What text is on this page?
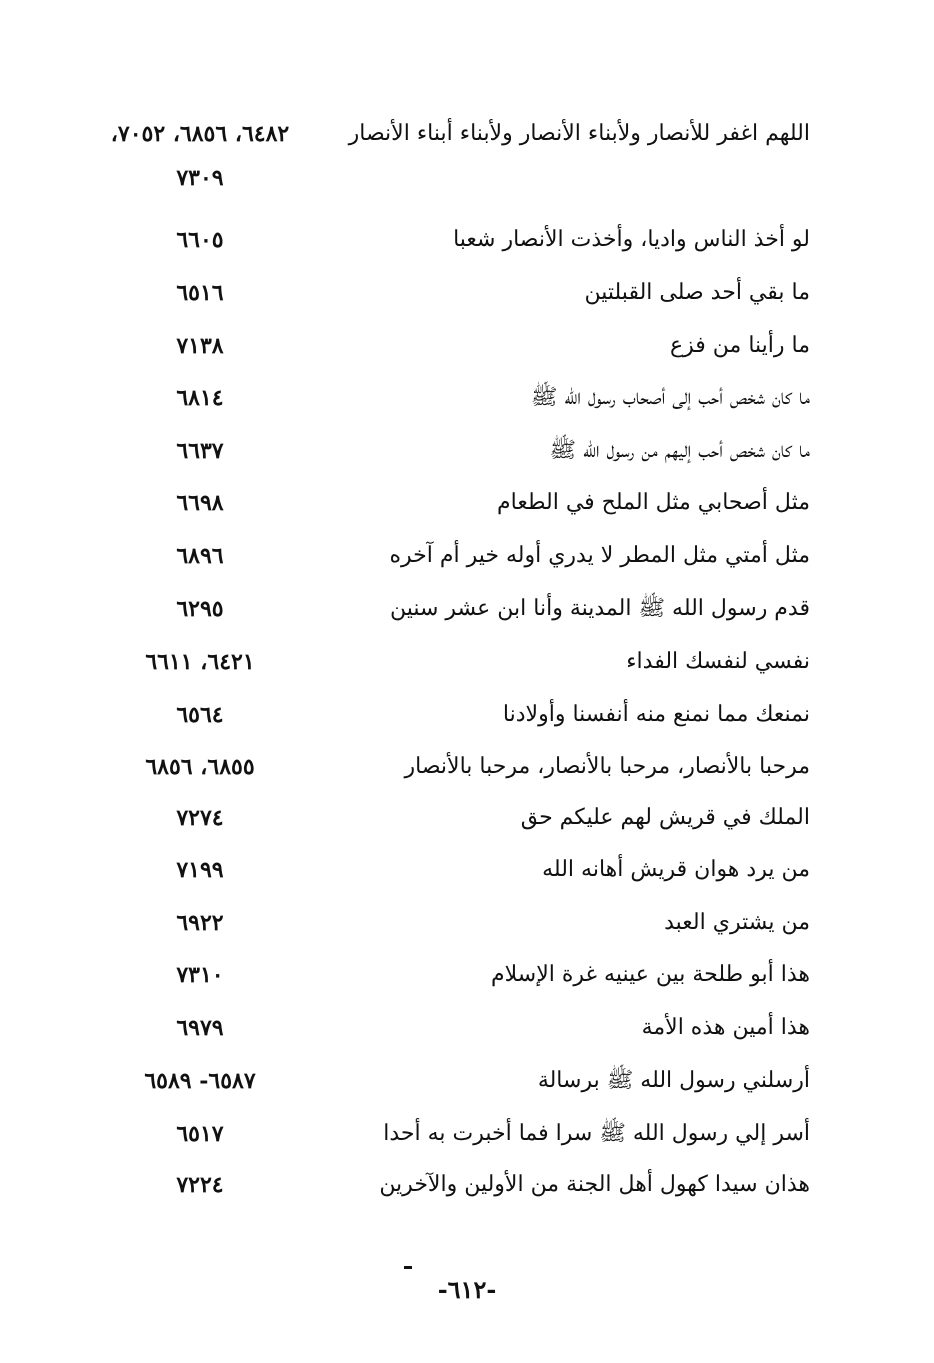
اللهم اغفر للأنصار ولأبناء الأنصار ولأبناء أبناء الأنصار
٦٤٨٢، ٦٨٥٦، ٧٠٥٢، ٧٣٠٩
لو أخذ الناس واديا، وأخذت الأنصار شعبا
٦٦٠٥
ما بقي أحد صلى القبلتين
٦٥١٦
ما رأينا من فزع
٧١٣٨
ما كان شخص أحب إلى أصحاب رسول الله ﷺ
٦٨١٤
ما كان شخص أحب إليهم من رسول الله ﷺ
٦٦٣٧
مثل أصحابي مثل الملح في الطعام
٦٦٩٨
مثل أمتي مثل المطر لا يدري أوله خير أم آخره
٦٨٩٦
قدم رسول الله ﷺ المدينة وأنا ابن عشر سنين
٦٢٩٥
نفسي لنفسك الفداء
٦٤٢١، ٦٦١١
نمنعك مما نمنع منه أنفسنا وأولادنا
٦٥٦٤
مرحبا بالأنصار، مرحبا بالأنصار، مرحبا بالأنصار
٦٨٥٥، ٦٨٥٦
الملك في قريش لهم عليكم حق
٧٢٧٤
من يرد هوان قريش أهانه الله
٧١٩٩
من يشتري العبد
٦٩٢٢
هذا أبو طلحة بين عينيه غرة الإسلام
٧٣١٠
هذا أمين هذه الأمة
٦٩٧٩
أرسلني رسول الله ﷺ برسالة
٦٥٨٧- ٦٥٨٩
أسر إلي رسول الله ﷺ سرا فما أخبرت به أحدا
٦٥١٧
هذان سيدا كهول أهل الجنة من الأولين والآخرين
٧٢٢٤
-٦١٢-
